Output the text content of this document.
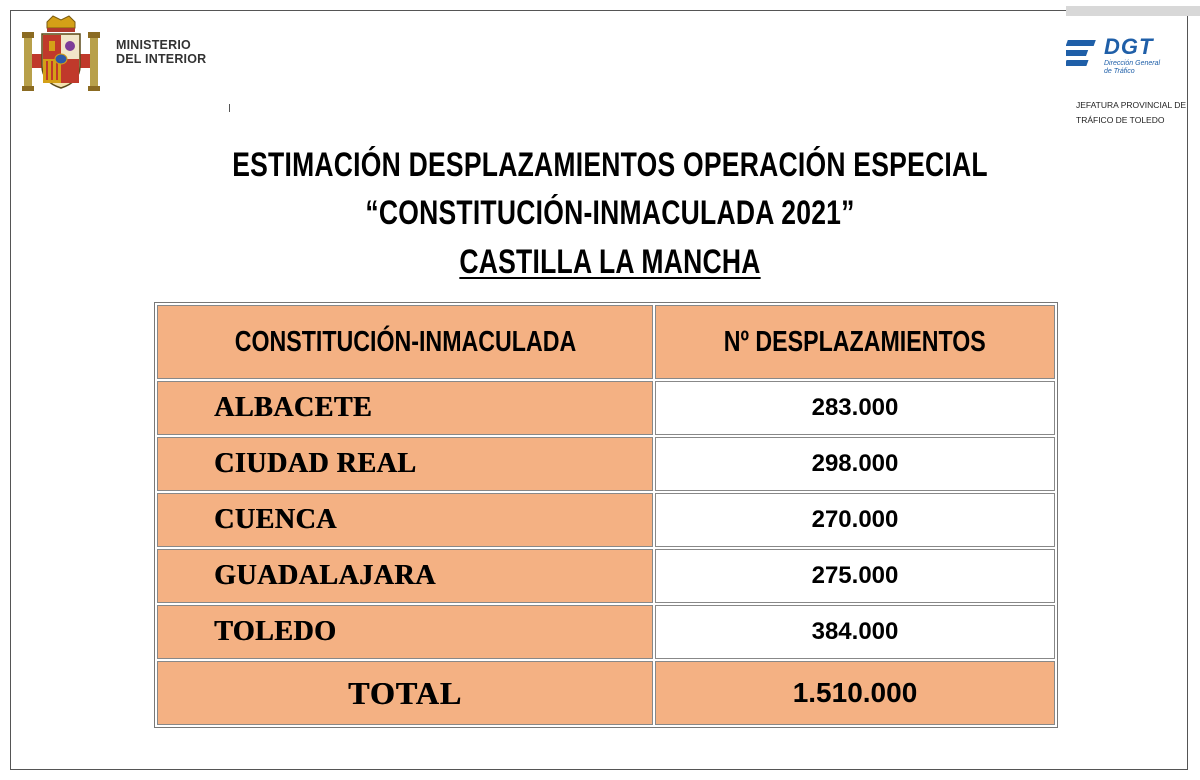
MINISTERIO
DEL INTERIOR	DGT
Dirección General
de Tráfico
JEFATURA PROVINCIAL DE
TRÁFICO DE TOLEDO
ESTIMACIÓN DESPLAZAMIENTOS OPERACIÓN ESPECIAL
“CONSTITUCIÓN-INMACULADA 2021”
CASTILLA LA MANCHA
CONSTITUCIÓN-INMACULADA	Nº DESPLAZAMIENTOS
ALBACETE	283.000
CIUDAD REAL	298.000
CUENCA	270.000
GUADALAJARA	275.000
TOLEDO	384.000
TOTAL	1.510.000
